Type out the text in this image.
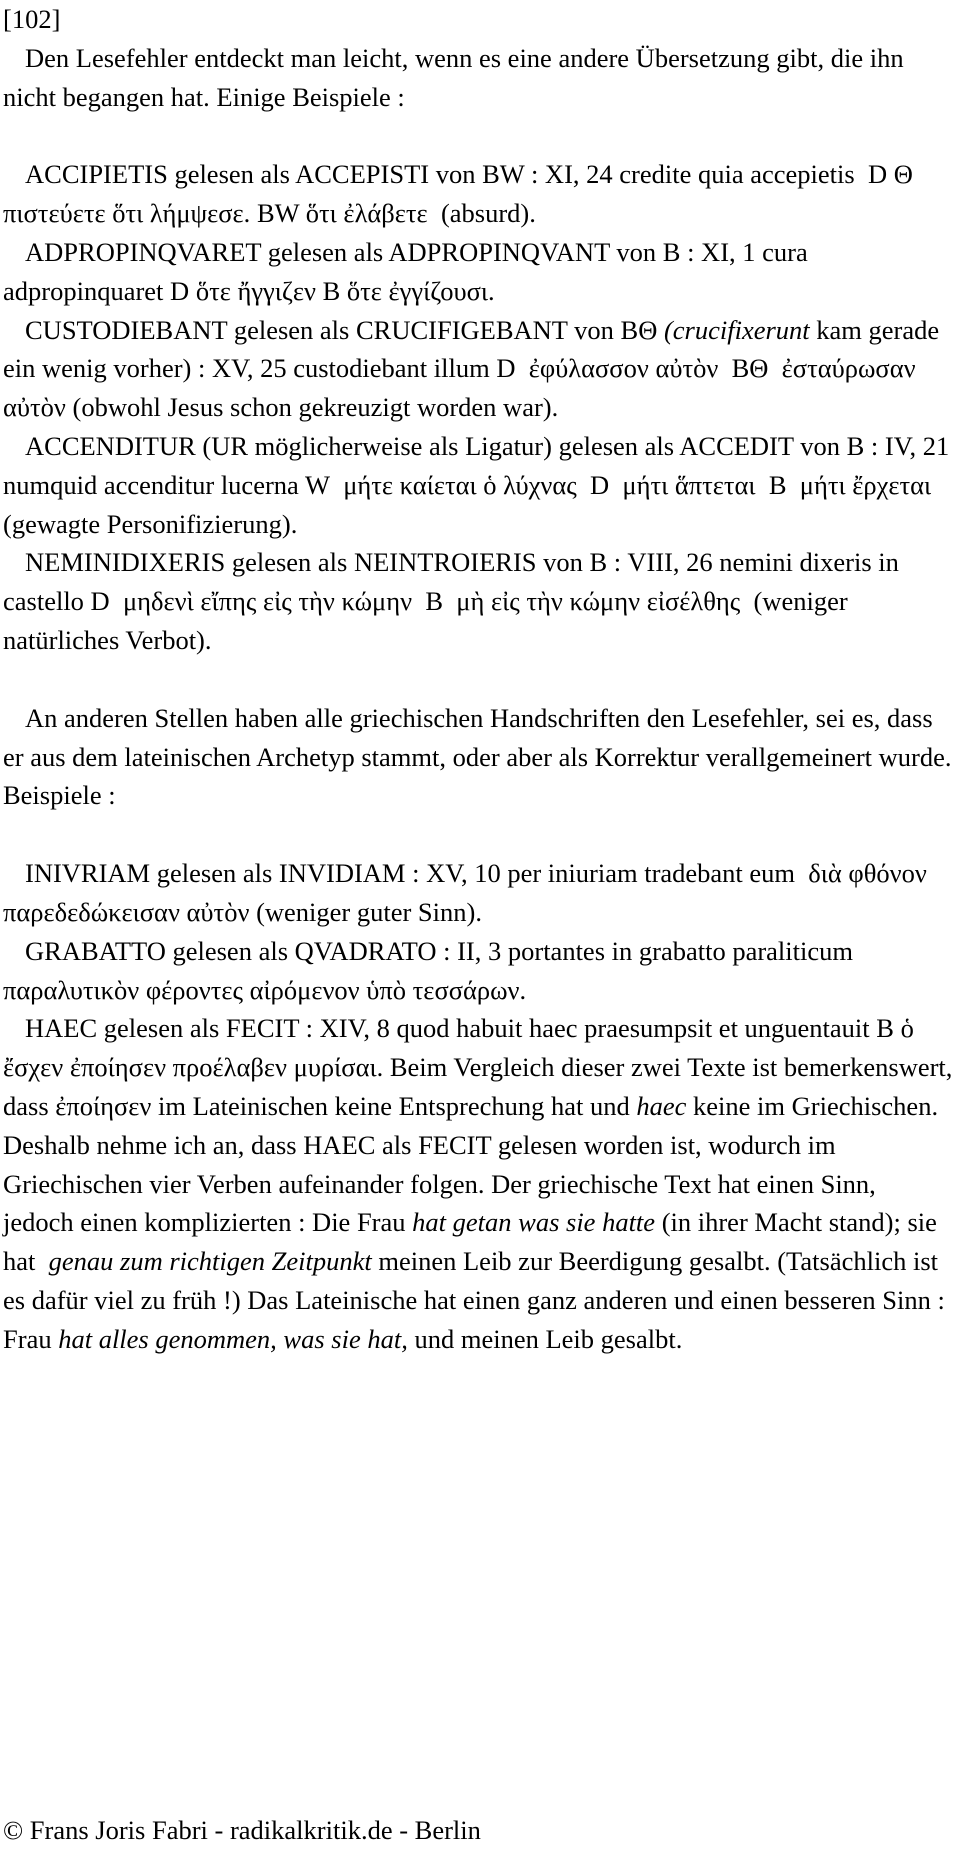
[102]

Den Lesefehler entdeckt man leicht, wenn es eine andere Übersetzung gibt, die ihn nicht begangen hat. Einige Beispiele :

ACCIPIETIS gelesen als ACCEPISTI von BW : XI, 24 credite quia accepietis D Θ πιστεύετε ὅτι λήμψεσε. BW ὅτι ἐλάβετε (absurd).

ADPROPINQVARET gelesen als ADPROPINQVANT von B : XI, 1 cura adpropinquaret D ὅτε ἤγγιζεν B ὅτε ἐγγίζουσι.

CUSTODIEBANT gelesen als CRUCIFIGEBANT von BΘ (crucifixerunt kam gerade ein wenig vorher) : XV, 25 custodiebant illum D ἐφύλασσον αὐτὸν BΘ ἐσταύρωσαν αὐτὸν (obwohl Jesus schon gekreuzigt worden war).

ACCENDITUR (UR möglicherweise als Ligatur) gelesen als ACCEDIT von B : IV, 21 numquid accenditur lucerna W μήτε καίεται ὁ λύχνας D μήτι ἅπτεται B μήτι ἔρχεται  (gewagte Personifizierung).

NEMINIDIXERIS gelesen als NEINTROIERIS von B : VIII, 26 nemini dixeris in castello D μηδενὶ εἴπης εἰς τὴν κώμην B μὴ εἰς τὴν κώμην εἰσέλθης (weniger natürliches Verbot).

An anderen Stellen haben alle griechischen Handschriften den Lesefehler, sei es, dass er aus dem lateinischen Archetyp stammt, oder aber als Korrektur verallgemeinert wurde. Beispiele :

INIVRIAM gelesen als INVIDIAM : XV, 10 per iniuriam tradebant eum διὰ φθόνον παρεδεδώκεισαν αὐτὸν (weniger guter Sinn).

GRABATTO gelesen als QVADRATO : II, 3 portantes in grabatto paraliticum παραλυτικὸν φέροντες αἰρόμενον ὑπὸ τεσσάρων.

HAEC gelesen als FECIT : XIV, 8 quod habuit haec praesumpsit et unguentauit B ὁ ἔσχεν ἐποίησεν προέλαβεν μυρίσαι. Beim Vergleich dieser zwei Texte ist bemerkenswert, dass ἐποίησεν im Lateinischen keine Entsprechung hat und haec keine im Griechischen. Deshalb nehme ich an, dass HAEC als FECIT gelesen worden ist, wodurch im Griechischen vier Verben aufeinander folgen. Der griechische Text hat einen Sinn, jedoch einen komplizierten : Die Frau hat getan was sie hatte (in ihrer Macht stand); sie hat genau zum richtigen Zeitpunkt meinen Leib zur Beerdigung gesalbt. (Tatsächlich ist es dafür viel zu früh !) Das Lateinische hat einen ganz anderen und einen besseren Sinn : Frau hat alles genommen, was sie hat, und meinen Leib gesalbt.

© Frans Joris Fabri - radikalkritik.de - Berlin
